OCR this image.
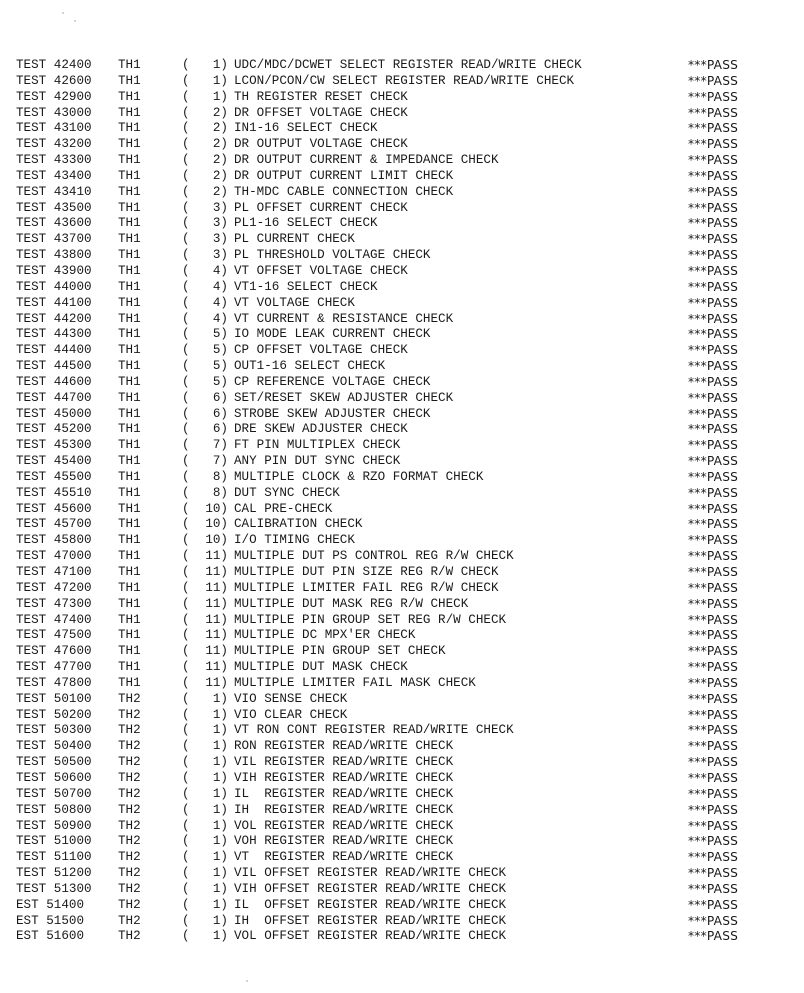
TEST 42400 TH1	(	1) UDC/MDC/DCWET SELECT REGISTER READ/WRITE CHECK	***PASS
TEST 42600 TH1	(	1) LCON/PCON/CW SELECT REGISTER READ/WRITE CHECK	***PASS
TEST 42900 TH1	(	1) TH REGISTER RESET CHECK	***PASS
TEST 43000 TH1	(	2) DR OFFSET VOLTAGE CHECK	***PASS
TEST 43100 TH1	(	2) IN1-16 SELECT CHECK	***PASS
TEST 43200 TH1	(	2) DR OUTPUT VOLTAGE CHECK	***PASS
TEST 43300 TH1	(	2) DR OUTPUT CURRENT & IMPEDANCE CHECK	***PASS
TEST 43400 TH1	(	2) DR OUTPUT CURRENT LIMIT CHECK	***PASS
TEST 43410 TH1	(	2) TH-MDC CABLE CONNECTION CHECK	***PASS
TEST 43500 TH1	(	3) PL OFFSET CURRENT CHECK	***PASS
TEST 43600 TH1	(	3) PL1-16 SELECT CHECK	***PASS
TEST 43700 TH1	(	3) PL CURRENT CHECK	***PASS
TEST 43800 TH1	(	3) PL THRESHOLD VOLTAGE CHECK	***PASS
TEST 43900 TH1	(	4) VT OFFSET VOLTAGE CHECK	***PASS
TEST 44000 TH1	(	4) VT1-16 SELECT CHECK	***PASS
TEST 44100 TH1	(	4) VT VOLTAGE CHECK	***PASS
TEST 44200 TH1	(	4) VT CURRENT & RESISTANCE CHECK	***PASS
TEST 44300 TH1	(	5) IO MODE LEAK CURRENT CHECK	***PASS
TEST 44400 TH1	(	5) CP OFFSET VOLTAGE CHECK	***PASS
TEST 44500 TH1	(	5) OUT1-16 SELECT CHECK	***PASS
TEST 44600 TH1	(	5) CP REFERENCE VOLTAGE CHECK	***PASS
TEST 44700 TH1	(	6) SET/RESET SKEW ADJUSTER CHECK	***PASS
TEST 45000 TH1	(	6) STROBE SKEW ADJUSTER CHECK	***PASS
TEST 45200 TH1	(	6) DRE SKEW ADJUSTER CHECK	***PASS
TEST 45300 TH1	(	7) FT PIN MULTIPLEX CHECK	***PASS
TEST 45400 TH1	(	7) ANY PIN DUT SYNC CHECK	***PASS
TEST 45500 TH1	(	8) MULTIPLE CLOCK & RZO FORMAT CHECK	***PASS
TEST 45510 TH1	(	8) DUT SYNC CHECK	***PASS
TEST 45600 TH1	(	10) CAL PRE-CHECK	***PASS
TEST 45700 TH1	(	10) CALIBRATION CHECK	***PASS
TEST 45800 TH1	(	10) I/O TIMING CHECK	***PASS
TEST 47000 TH1	(	11) MULTIPLE DUT PS CONTROL REG R/W CHECK	***PASS
TEST 47100 TH1	(	11) MULTIPLE DUT PIN SIZE REG R/W CHECK	***PASS
TEST 47200 TH1	(	11) MULTIPLE LIMITER FAIL REG R/W CHECK	***PASS
TEST 47300 TH1	(	11) MULTIPLE DUT MASK REG R/W CHECK	***PASS
TEST 47400 TH1	(	11) MULTIPLE PIN GROUP SET REG R/W CHECK	***PASS
TEST 47500 TH1	(	11) MULTIPLE DC MPX'ER CHECK	***PASS
TEST 47600 TH1	(	11) MULTIPLE PIN GROUP SET CHECK	***PASS
TEST 47700 TH1	(	11) MULTIPLE DUT MASK CHECK	***PASS
TEST 47800 TH1	(	11) MULTIPLE LIMITER FAIL MASK CHECK	***PASS
TEST 50100 TH2	(	1) VIO SENSE CHECK	***PASS
TEST 50200 TH2	(	1) VIO CLEAR CHECK	***PASS
TEST 50300 TH2	(	1) VT RON CONT REGISTER READ/WRITE CHECK	***PASS
TEST 50400 TH2	(	1) RON REGISTER READ/WRITE CHECK	***PASS
TEST 50500 TH2	(	1) VIL REGISTER READ/WRITE CHECK	***PASS
TEST 50600 TH2	(	1) VIH REGISTER READ/WRITE CHECK	***PASS
TEST 50700 TH2	(	1) IL  REGISTER READ/WRITE CHECK	***PASS
TEST 50800 TH2	(	1) IH  REGISTER READ/WRITE CHECK	***PASS
TEST 50900 TH2	(	1) VOL REGISTER READ/WRITE CHECK	***PASS
TEST 51000 TH2	(	1) VOH REGISTER READ/WRITE CHECK	***PASS
TEST 51100 TH2	(	1) VT  REGISTER READ/WRITE CHECK	***PASS
TEST 51200 TH2	(	1) VIL OFFSET REGISTER READ/WRITE CHECK	***PASS
TEST 51300 TH2	(	1) VIH OFFSET REGISTER READ/WRITE CHECK	***PASS
EST 51400	TH2	(	1) IL  OFFSET REGISTER READ/WRITE CHECK	***PASS
EST 51500	TH2	(	1) IH  OFFSET REGISTER READ/WRITE CHECK	***PASS
EST 51600	TH2	(	1) VOL OFFSET REGISTER READ/WRITE CHECK	***PASS
